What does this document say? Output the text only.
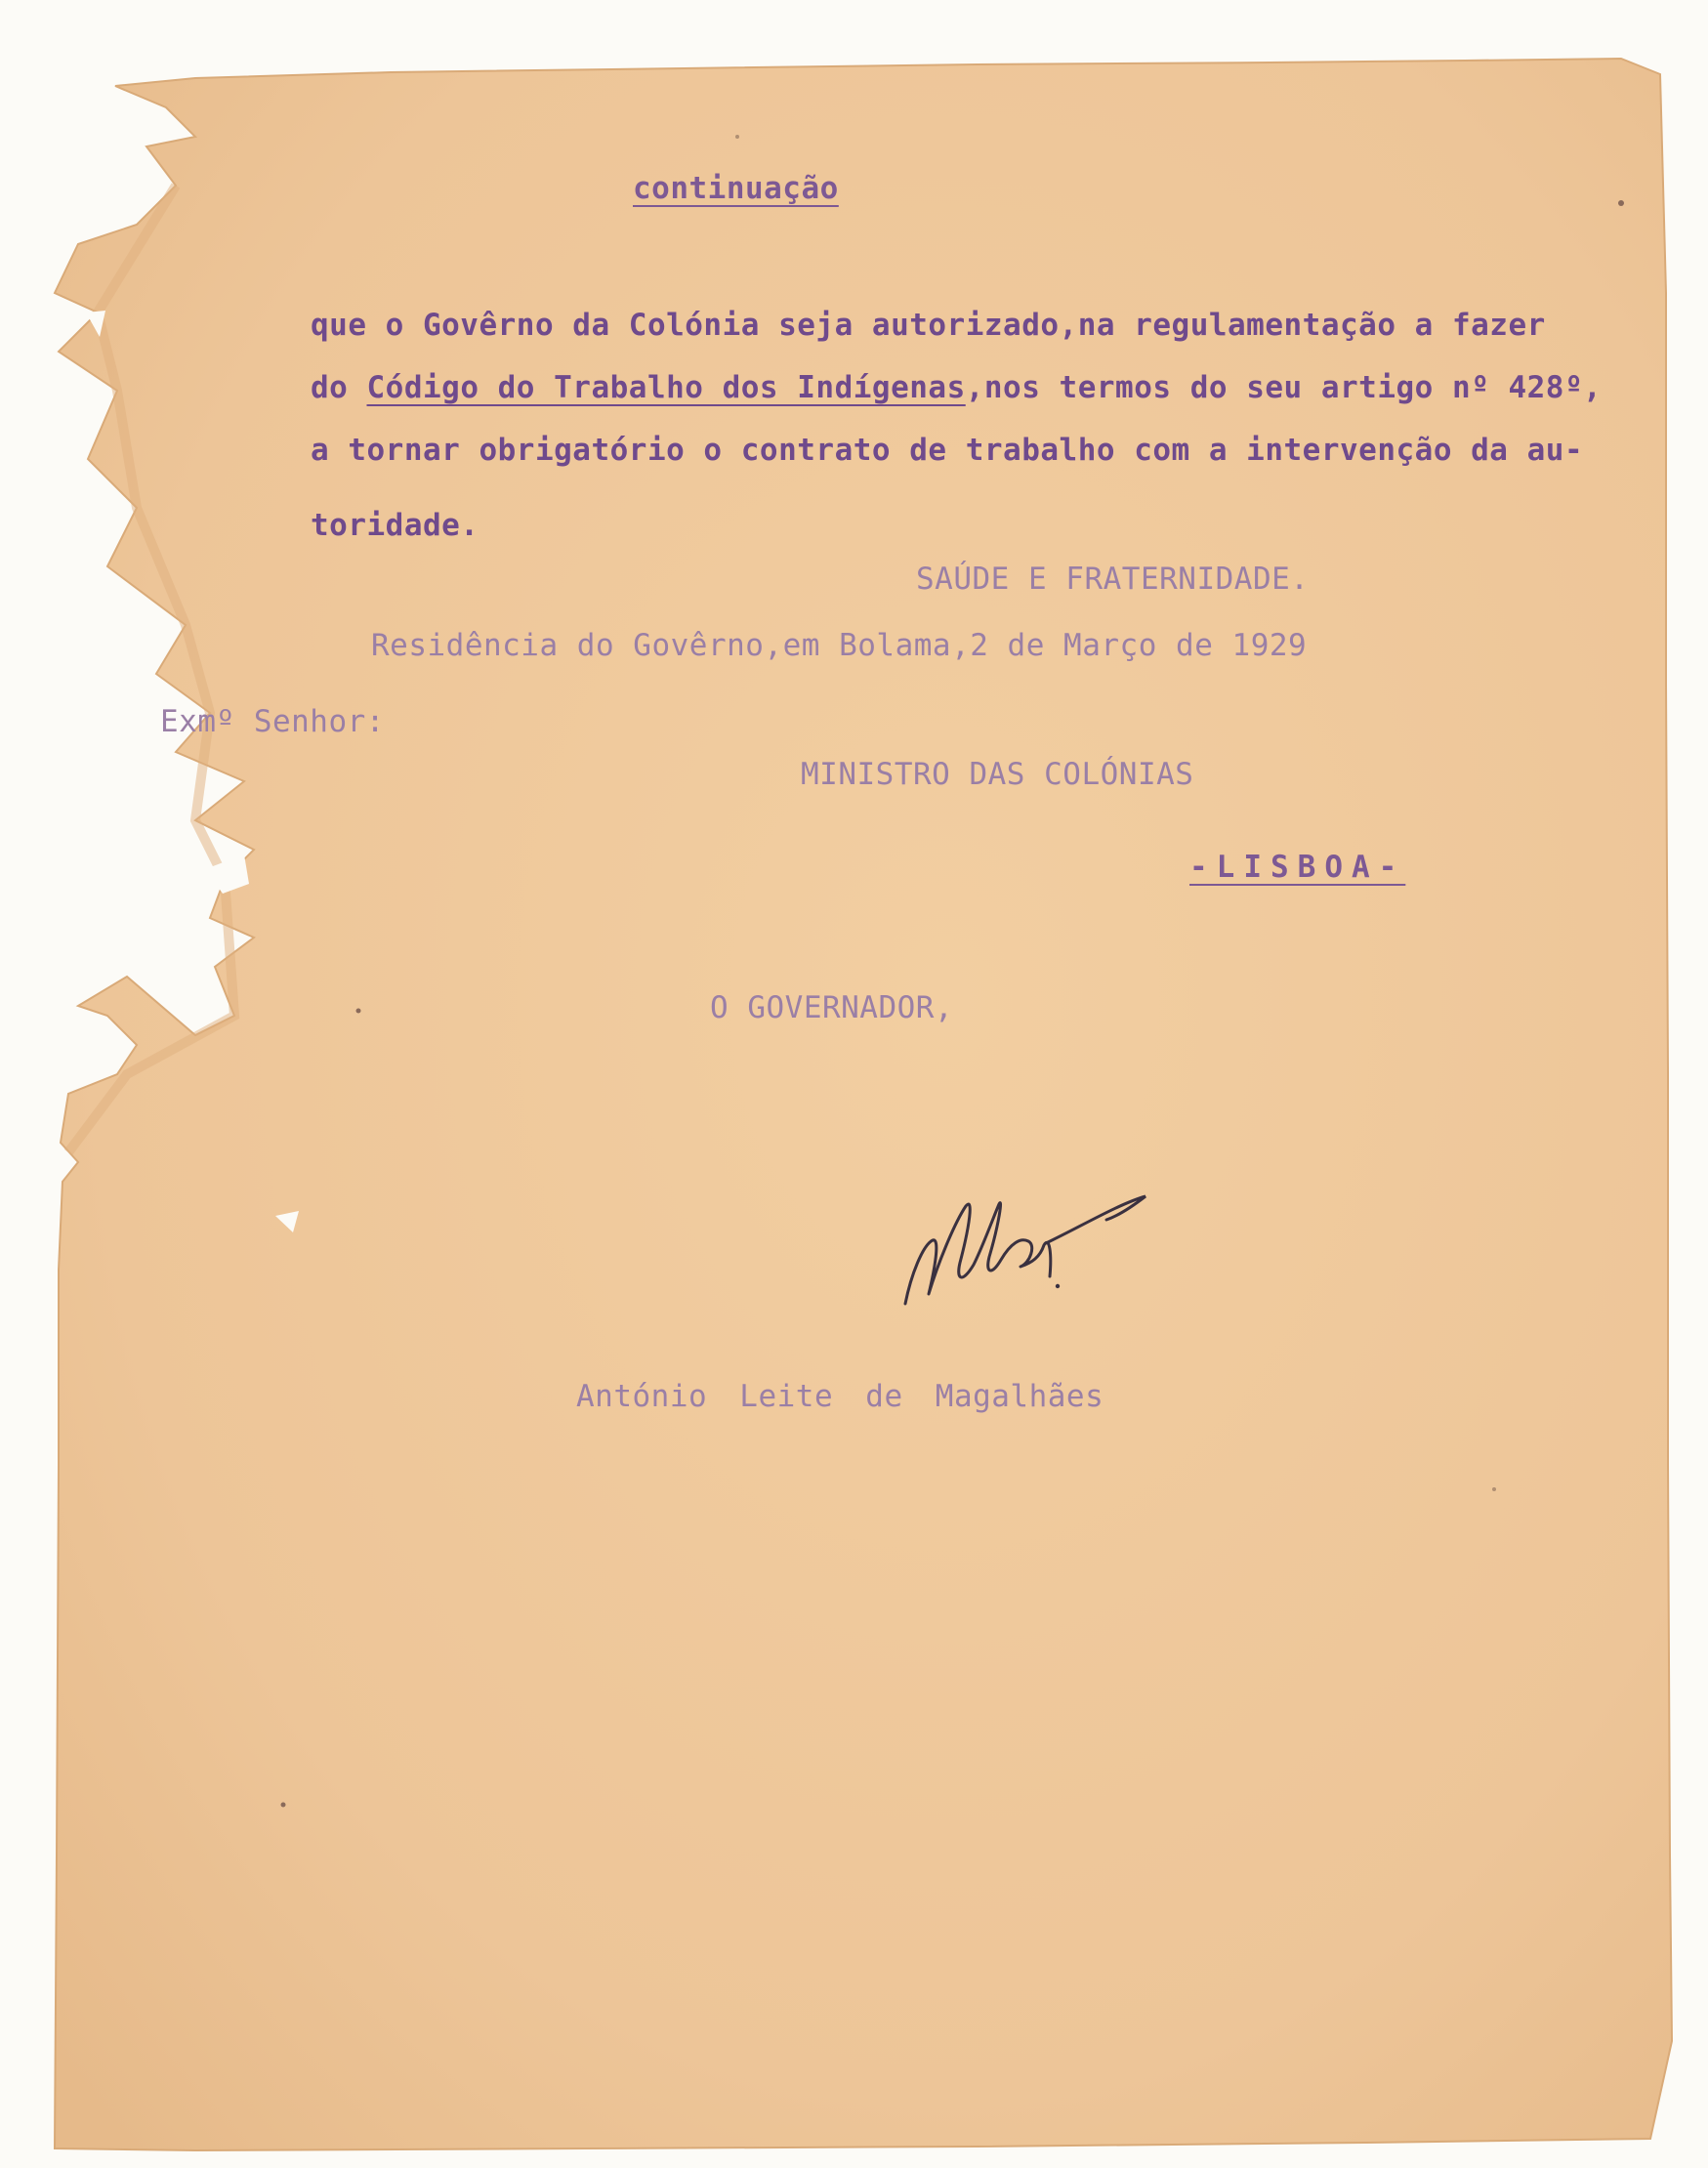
continuação
que o Govêrno da Colónia seja autorizado,na regulamentação a fazer
do Código do Trabalho dos Indígenas,nos termos do seu artigo nº 428º,
a tornar obrigatório o contrato de trabalho com a intervenção da au-
toridade.
SAÚDE E FRATERNIDADE.
Residência do Govêrno,em Bolama,2 de Março de 1929
Exmº Senhor:
MINISTRO DAS COLÓNIAS
-LISBOA-
O GOVERNADOR,
António Leite de Magalhães
